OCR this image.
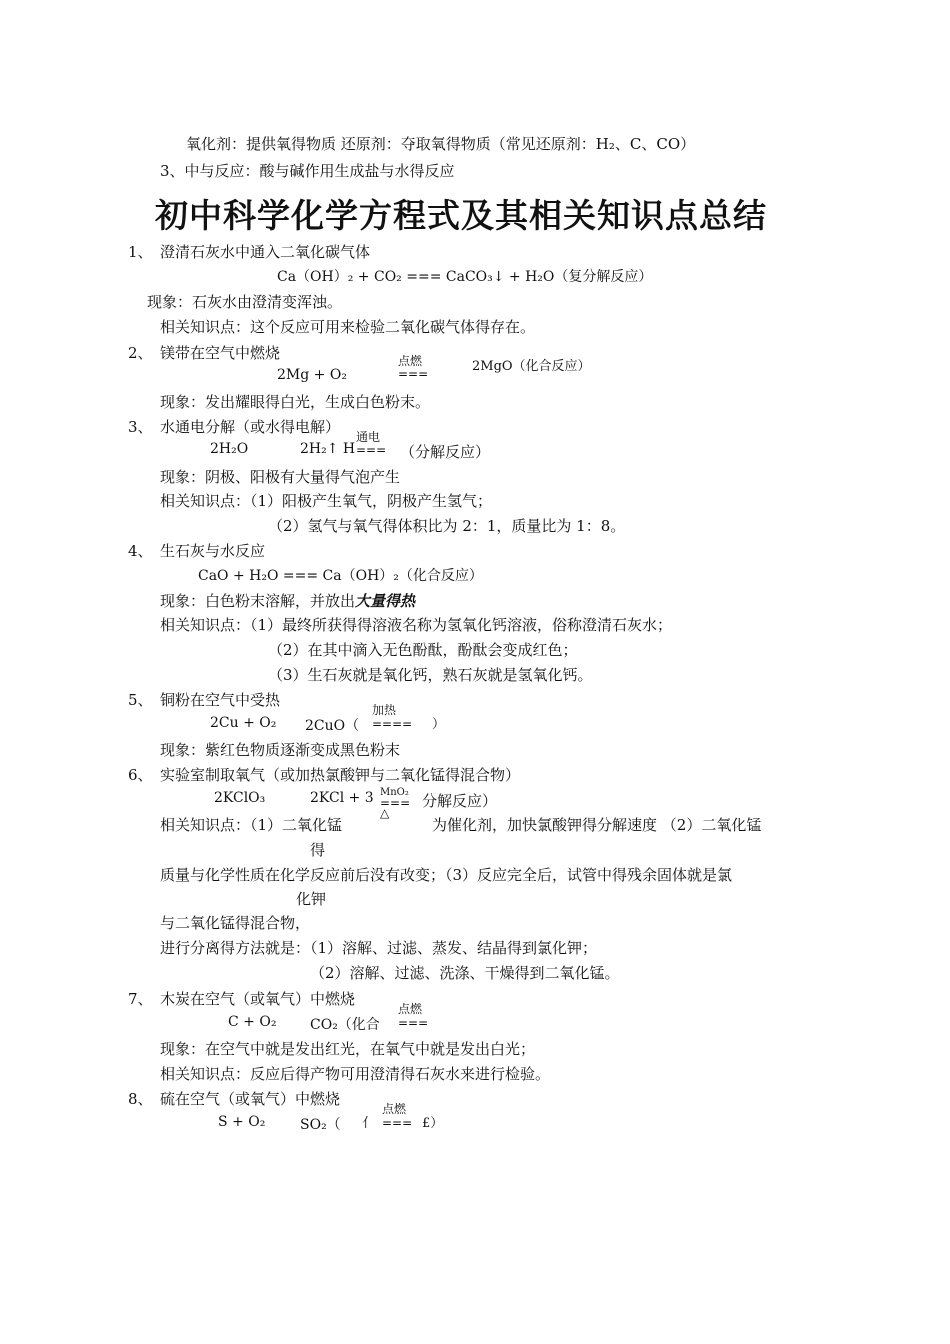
氧化剂：提供氧得物质 还原剂：夺取氧得物质（常见还原剂：H₂、C、CO）
3、中与反应：酸与碱作用生成盐与水得反应
初中科学化学方程式及其相关知识点总结
1、 澄清石灰水中通入二氧化碳气体
Ca（OH）₂ + CO₂ === CaCO₃↓ + H₂O（复分解反应）
现象：石灰水由澄清变浑浊。
相关知识点：这个反应可用来检验二氧化碳气体得存在。
2、 镁带在空气中燃烧	点燃
===
2Mg + O₂
2MgO（化合反应）
现象：发出耀眼得白光，生成白色粉末。
3、 水通电分解（或水得电解）
2H₂O	2H₂↑ H
通电
=== （分解反应）
现象：阴极、阳极有大量得气泡产生
相关知识点：（1）阳极产生氧气，阴极产生氢气；
（2）氢气与氧气得体积比为 2：1，质量比为 1：8。
4、 生石灰与水反应
CaO + H₂O === Ca（OH）₂（化合反应）
现象：白色粉末溶解，并放出大量得热
相关知识点：（1）最终所获得得溶液名称为氢氧化钙溶液，俗称澄清石灰水；
（2）在其中滴入无色酚酞，酚酞会变成红色；
（3）生石灰就是氧化钙，熟石灰就是氢氧化钙。
5、 铜粉在空气中受热
2Cu + O₂ 2CuO（
加热
==== ）
现象：紫红色物质逐渐变成黑色粉末
6、 实验室制取氧气（或加热氯酸钾与二氧化锰得混合物）
2KClO₃	2KCl + 3 MnO₂
===
△
分解反应）
相关知识点：（1）二氧化锰	为催化剂，加快氯酸钾得分解速度 （2）二氧化锰
得
质量与化学性质在化学反应前后没有改变；（3）反应完全后，试管中得残余固体就是氯
化钾
与二氧化锰得混合物，
进行分离得方法就是：（1）溶解、过滤、蒸发、结晶得到氯化钾；
（2）溶解、过滤、洗涤、干燥得到二氧化锰。
7、 木炭在空气（或氧气）中燃烧
C + O₂ CO₂（化合
点燃
===
现象：在空气中就是发出红光，在氧气中就是发出白光；
相关知识点：反应后得产物可用澄清得石灰水来进行检验。
8、 硫在空气（或氧气）中燃烧
S + O₂ SO₂（ 亻
点燃
=== £）
